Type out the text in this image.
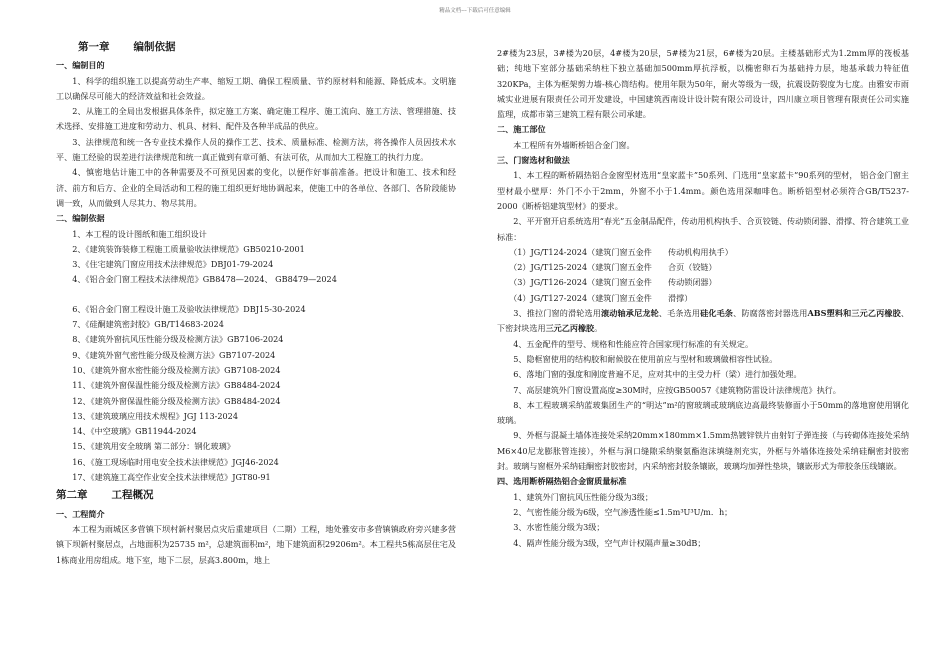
精品文档---下载后可任意编辑
第一章 编制依据

一、编制目的

1、科学的组织施工以提高劳动生产率、缩短工期、确保工程质量、节约原材料和能源、降低成本。文明施工以确保尽可能大的经济效益和社会效益。

2、从施工的全局出发根据具体条件，拟定施工方案、确定施工程序、施工流向、施工方法、管理措施、技术选择、安排施工进度和劳动力、机具、材料、配件及各种半成品的供应。

3、法律规范和统一各专业技术操作人员的操作工艺、技术、质量标准、检测方法，将各操作人员因技术水平、施工经验的误差进行法律规范和统一真正做到有章可循、有法可依，从而加大工程施工的执行力度。

4、慎密地估计施工中的各种需要及不可预见因素的变化，以便作好事前准备。把设计和施工、技术和经济、前方和后方、企业的全局活动和工程的施工组织更好地协调起来，使施工中的各单位、各部门、各阶段能协调一致，从而做到人尽其力、物尽其用。

二、编制依据

1、本工程的设计图纸和施工组织设计

2、《建筑装饰装修工程施工质量验收法律规范》GB50210-2001

3、《住宅建筑门窗应用技术法律规范》DBJ01-79-2024

4、《铝合金门窗工程技术法律规范》GB8478—2024、 GB8479—2024

6、《铝合金门窗工程设计施工及验收法律规范》DBJ15-30-2024

7、《硅酮建筑密封胶》GB/T14683-2024

8、《建筑外窗抗风压性能分级及检测方法》GB7106-2024

9、《建筑外窗气密性能分级及检测方法》GB7107-2024

10、《建筑外窗水密性能分级及检测方法》GB7108-2024

11、《建筑外窗保温性能分级及检测方法》GB8484-2024

12、《建筑外窗保温性能分级及检测方法》GB8484-2024

13、《建筑玻璃应用技术规程》JGJ 113-2024

14、《中空玻璃》GB11944-2024

15、《建筑用安全玻璃 第二部分：钢化玻璃》

16、《施工现场临时用电安全技术法律规范》JGJ46-2024

17、《建筑施工高空作业安全技术法律规范》JGT80-91

第二章 工程概况

一、工程简介

本工程为雨城区多营镇下坝村新村聚居点灾后重建项目（二期）工程，地处雅安市多营镇镇政府旁兴建多营镇下坝新村聚居点，占地面积为25735 m²，总建筑面积m²，地下建筑面积29206m²。本工程共5栋高层住宅及1栋商业用房组成。地下室，地下二层，层高3.800m，地上

2#楼为23层，3#楼为20层，4#楼为20层，5#楼为21层，6#楼为20层。主楼基础形式为1.2mm厚的筏板基础；纯地下室部分基础采纳柱下独立基础加500mm厚抗浮板，以椭密卵石为基础持力层，地基承载力特征值320KPa，主体为框架剪力墙-核心筒结构。使用年限为50年，耐火等级为一级，抗震设防裂度为七度。由雅安市雨城实业进展有限责任公司开发建设，中国建筑西南设计设计院有限公司设计，四川康立项目管理有限责任公司实施监理，成都市第三建筑工程有限公司承建。

二、施工部位

本工程所有外墙断桥铝合金门窗。

三、门窗选材和做法

1、本工程的断桥隔热铝合金窗型材选用“皇家蓝卡”50系列、门选用“皇家蓝卡”90系列的型材， 铝合金门窗主型材最小壁厚：外门不小于2mm，外窗不小于1.4mm。颜色选用深咖啡色。断桥铝型材必须符合GB/T5237-2000《断桥铝建筑型材》的要求。

2、平开窗开启系统选用“春光”五金制品配件，传动用机构执手、合页铰链、传动锁闭器、滑撑、符合建筑工业标准：

（1）JG/T124-2024（建筑门窗五金件   传动机构用执手）

（2）JG/T125-2024（建筑门窗五金件   合页（铰链）

（3）JG/T126-2024（建筑门窗五金件   传动锁闭器）

（4）JG/T127-2024（建筑门窗五金件   滑撑）

3、推拉门窗的滑轮选用滚动轴承尼龙轮、毛条选用硅化毛条、防腐落密封器选用ABS塑料和三元乙丙橡胶、下密封块选用三元乙丙橡胶。

4、五金配件的型号、规格和性能应符合国家现行标准的有关规定。

5、隐框窗使用的结构胶和耐候胶在使用前应与型材和玻璃做相容性试验。

6、落地门窗的强度和刚度普遍不足，应对其中的主受力杆（梁）进行加强处理。

7、高层建筑外门窗设置高度≥30M时，应按GB50057《建筑物防雷设计法律规范》执行。

8、本工程玻璃采纳蓝玻集团生产的“明达”m²的窗玻璃或玻璃底边高最终装修面小于50mm的落地窗使用钢化玻璃。

9、外框与混凝土墙体连接处采纳20mm×180mm×1.5mm热镀锌铁片由射钉子弹连接（与砖砌体连接处采纳M6×40尼龙膨胀管连接），外框与洞口缝隙采纳聚氨酯泡沫填缝剂充实，外框与外墙体连接处采纳硅酮密封胶密封。玻璃与窗框外采纳硅酮密封胶密封，内采纳密封胶条镶嵌，玻璃均加弹性垫块，镶嵌形式为带胶条压线镶嵌。

四、选用断桥隔热铝合金窗质量标准

1、建筑外门窗抗风压性能分级为3级；

2、气密性能分级为6级，空气渗透性能≤1.5m³U³U/m．h；

3、水密性能分级为3级；

4、隔声性能分级为3级，空气声计权隔声量≥30dB；
